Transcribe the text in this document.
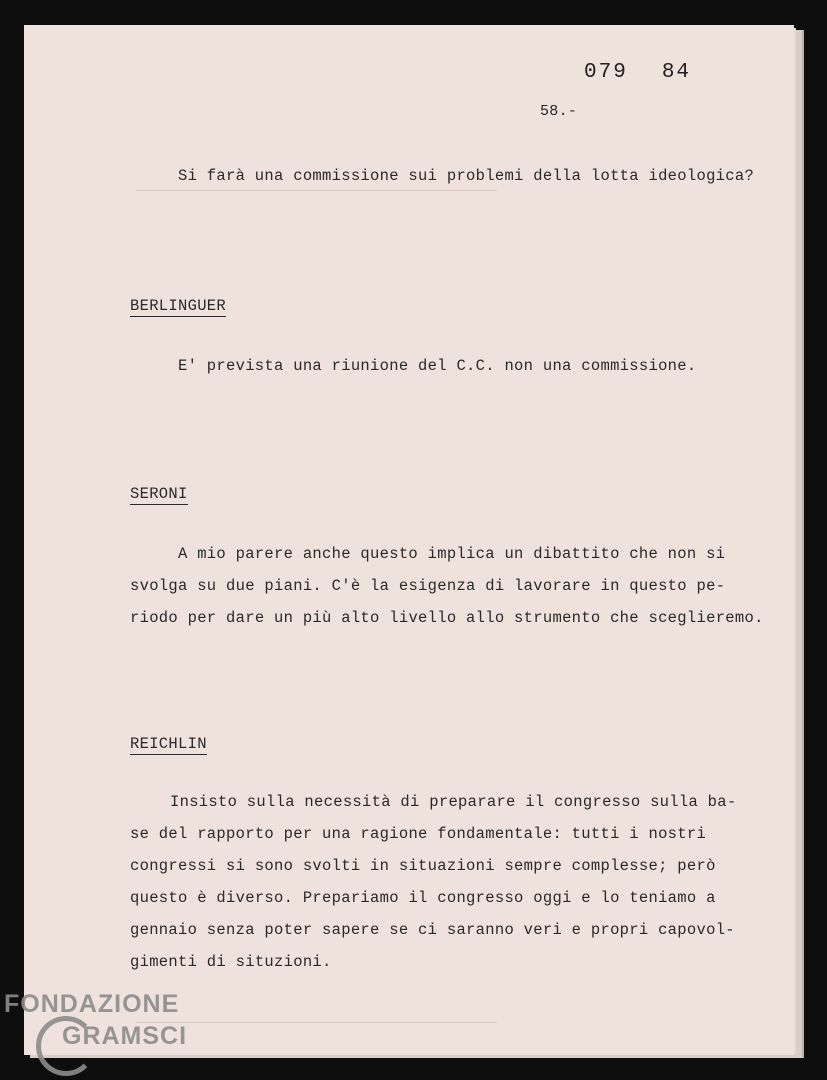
──────────────────────────────────────
079 84
58.-
Si farà una commissione sui problemi della lotta ideologica?
BERLINGUER
E' prevista una riunione del C.C. non una commissione.
SERONI
A mio parere anche questo implica un dibattito che non si
svolga su due piani. C'è la esigenza di lavorare in questo pe-
riodo per dare un più alto livello allo strumento che sceglieremo.
REICHLIN
Insisto sulla necessità di preparare il congresso sulla ba-
se del rapporto per una ragione fondamentale: tutti i nostri
congressi si sono svolti in situazioni sempre complesse; però
questo è diverso. Prepariamo il congresso oggi e lo teniamo a
gennaio senza poter sapere se ci saranno veri e propri capovol-
gimenti di situzioni.
──────────────────────────────────────
FONDAZIONE
GRAMSCI
